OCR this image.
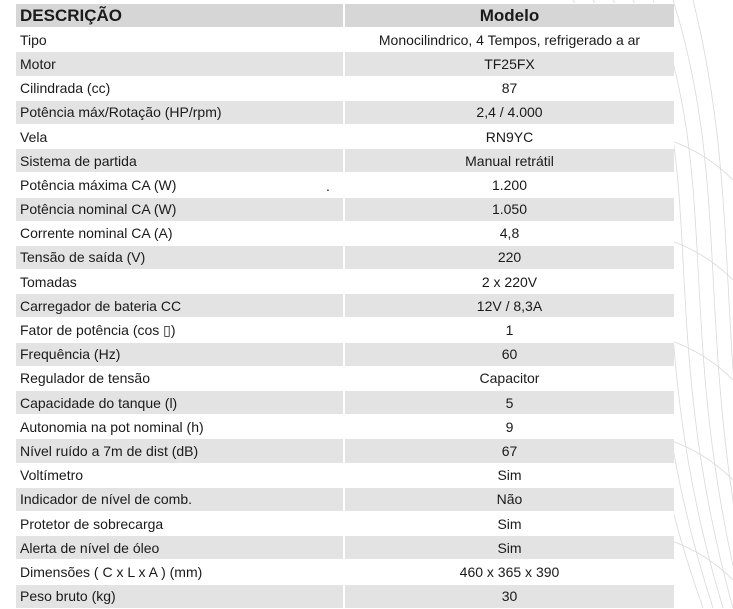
DESCRIÇÃO	Modelo
Tipo	Monocilindrico, 4 Tempos, refrigerado a ar
Motor	TF25FX
Cilindrada (cc)	87
Potência máx/Rotação (HP/rpm)	2,4 / 4.000
Vela	RN9YC
Sistema de partida	Manual retrátil
Potência máxima CA (W)	1.200
Potência nominal CA (W)	1.050
Corrente nominal CA (A)	4,8
Tensão de saída (V)	220
Tomadas	2 x 220V
Carregador de bateria CC	12V / 8,3A
Fator de potência (cos ▯)	1
Frequência (Hz)	60
Regulador de tensão	Capacitor
Capacidade do tanque (l)	5
Autonomia na pot nominal (h)	9
Nível ruído a 7m de dist (dB)	67
Voltímetro	Sim
Indicador de nível de comb.	Não
Protetor de sobrecarga	Sim
Alerta de nível de óleo	Sim
Dimensões ( C x L x A ) (mm)	460 x 365 x 390
Peso bruto (kg)	30
.
